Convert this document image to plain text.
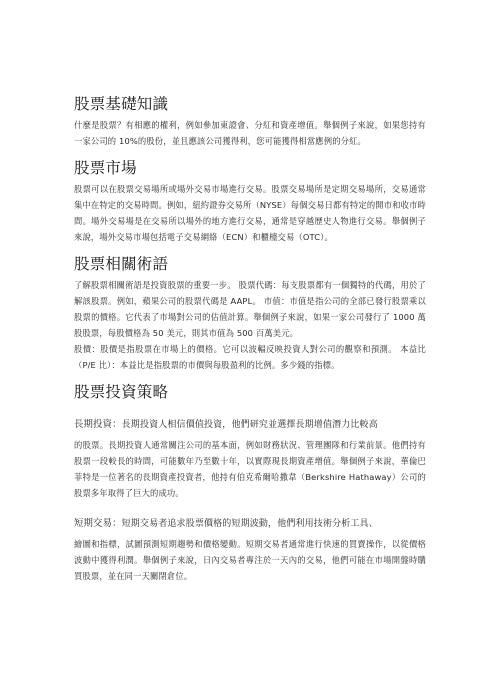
股票基礎知識

什麼是股票？有相應的權利，例如參加東證會、分紅和資產增值。舉個例子來說，如果您持有一家公司的 10%的股份，並且應該公司獲得利，您可能獲得相當應例的分紅。

股票市場

股票可以在股票交易場所或場外交易市場進行交易。股票交易場所是定期交易場所，交易通常集中在特定的交易時間。例如，紐約證券交易所（NYSE）每個交易日都有特定的開市和收市時間。場外交易場是在交易所以場外的地方進行交易，通常是穿越歷史人物進行交易。舉個例子來說，場外交易市場包括電子交易網絡（ECN）和櫃檯交易（OTC）。

股票相關術語

了解股票相關術語是投資股票的重要一步。 股票代碼：每支股票都有一個獨特的代碼，用於了解該股票。例如，蘋果公司的股票代碼是 AAPL。 市值：市值是指公司的全部已發行股票乘以股票的價格。它代表了市場對公司的估值計算。舉個例子來說，如果一家公司發行了 1000 萬股股票，每股價格為 50 美元，則其市值為 500 百萬美元。

股價：股價是指股票在市場上的價格。它可以波輻反映投資人對公司的觀察和預測。 本益比（P/E 比）：本益比是指股票的市價與每股盈利的比例。多少錢的指標。

股票投資策略

長期投資：長期投資人相信價值投資，他們研究並選擇長期增值潛力比較高

的股票。長期投資人通常關注公司的基本面，例如財務狀況、管理團隊和行業前景。他們持有股票一段較長的時間，可能數年乃至數十年，以實際現長期資產增值。舉個例子來說，華倫巴菲特是一位著名的長期資產投資者，他持有伯克希爾哈撒韋（Berkshire Hathaway）公司的股票多年取得了巨大的成功。

短期交易：短期交易者追求股票價格的短期波動，他們利用技術分析工具、

繪圖和指標，試圖預測短期趨勢和價格變動。短期交易者通常進行快速的買賣操作，以從價格波動中獲得利潤。舉個例子來說，日內交易者專注於一天內的交易，他們可能在市場開盤時購買股票，並在同一天關閉倉位。
